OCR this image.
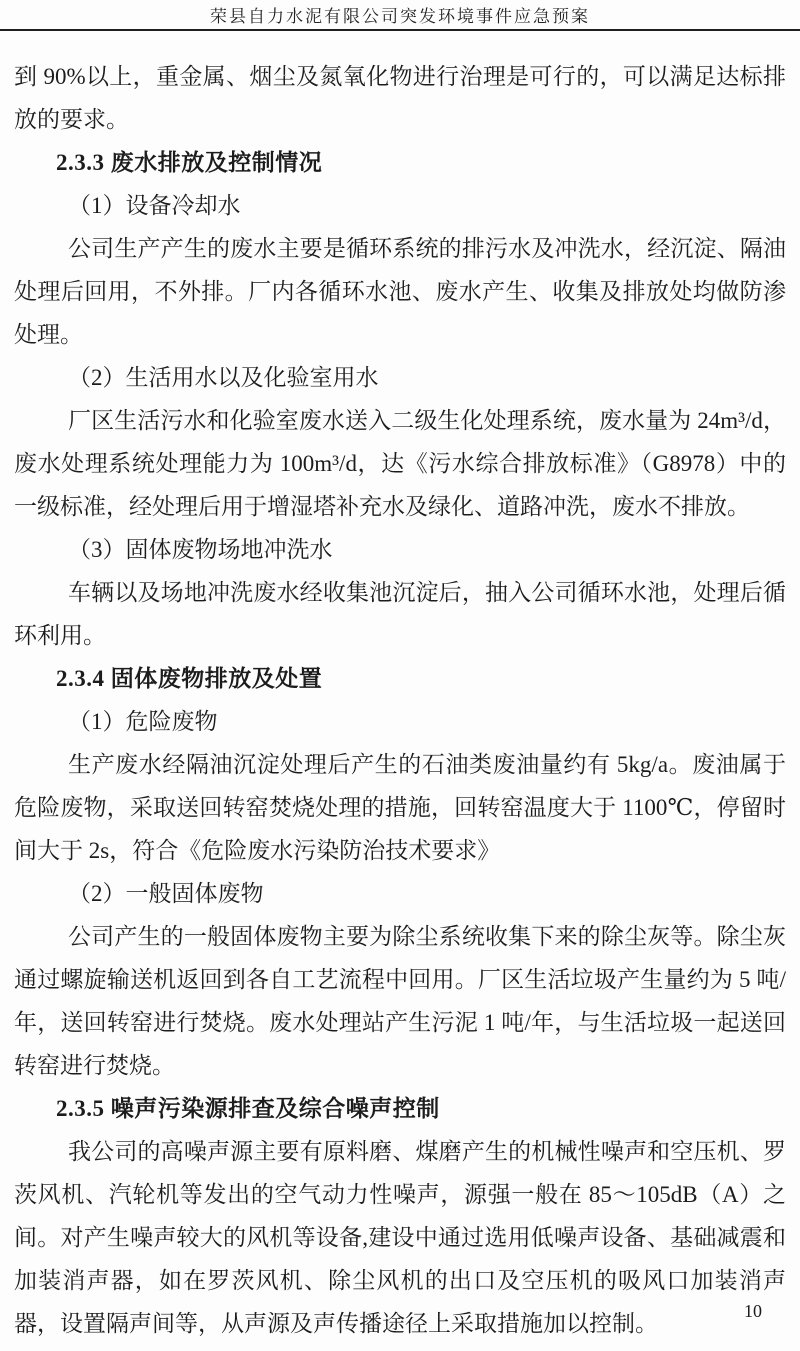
荣县自力水泥有限公司突发环境事件应急预案

到 90%以上，重金属、烟尘及氮氧化物进行治理是可行的，可以满足达标排放的要求。

2.3.3 废水排放及控制情况

（1）设备冷却水

公司生产产生的废水主要是循环系统的排污水及冲洗水，经沉淀、隔油处理后回用，不外排。厂内各循环水池、废水产生、收集及排放处均做防渗处理。

（2）生活用水以及化验室用水

厂区生活污水和化验室废水送入二级生化处理系统，废水量为 24m³/d，废水处理系统处理能力为 100m³/d，达《污水综合排放标准》（G8978）中的一级标准，经处理后用于增湿塔补充水及绿化、道路冲洗，废水不排放。

（3）固体废物场地冲洗水

车辆以及场地冲洗废水经收集池沉淀后，抽入公司循环水池，处理后循环利用。

2.3.4 固体废物排放及处置

（1）危险废物

生产废水经隔油沉淀处理后产生的石油类废油量约有 5kg/a。废油属于危险废物，采取送回转窑焚烧处理的措施，回转窑温度大于 1100℃，停留时间大于 2s，符合《危险废水污染防治技术要求》

（2）一般固体废物

公司产生的一般固体废物主要为除尘系统收集下来的除尘灰等。除尘灰通过螺旋输送机返回到各自工艺流程中回用。厂区生活垃圾产生量约为 5 吨/年，送回转窑进行焚烧。废水处理站产生污泥 1 吨/年，与生活垃圾一起送回转窑进行焚烧。

2.3.5 噪声污染源排查及综合噪声控制

我公司的高噪声源主要有原料磨、煤磨产生的机械性噪声和空压机、罗茨风机、汽轮机等发出的空气动力性噪声，源强一般在 85～105dB（A）之间。对产生噪声较大的风机等设备,建设中通过选用低噪声设备、基础减震和加装消声器，如在罗茨风机、除尘风机的出口及空压机的吸风口加装消声器，设置隔声间等，从声源及声传播途径上采取措施加以控制。	10
